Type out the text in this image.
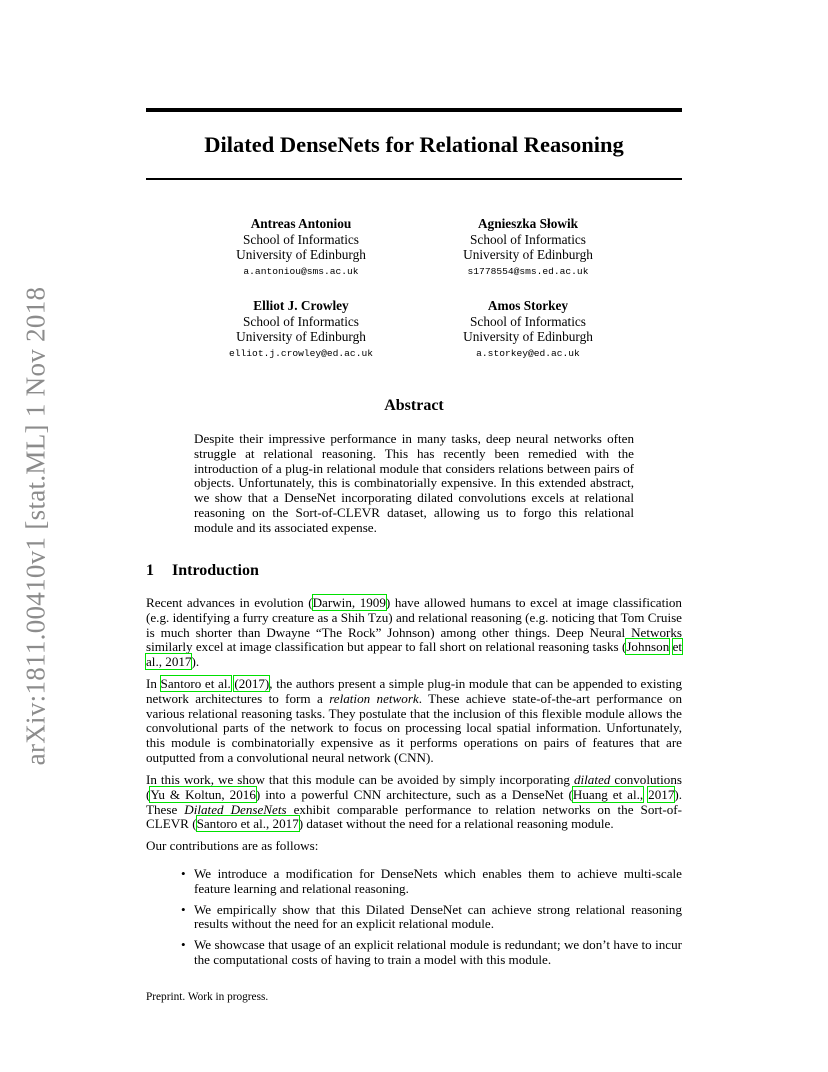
arXiv:1811.00410v1 [stat.ML] 1 Nov 2018
Dilated DenseNets for Relational Reasoning
Antreas Antoniou
School of Informatics
University of Edinburgh
a.antoniou@sms.ac.uk
Agnieszka Słowik
School of Informatics
University of Edinburgh
s1778554@sms.ed.ac.uk
Elliot J. Crowley
School of Informatics
University of Edinburgh
elliot.j.crowley@ed.ac.uk
Amos Storkey
School of Informatics
University of Edinburgh
a.storkey@ed.ac.uk
Abstract
Despite their impressive performance in many tasks, deep neural networks often struggle at relational reasoning. This has recently been remedied with the introduction of a plug-in relational module that considers relations between pairs of objects. Unfortunately, this is combinatorially expensive. In this extended abstract, we show that a DenseNet incorporating dilated convolutions excels at relational reasoning on the Sort-of-CLEVR dataset, allowing us to forgo this relational module and its associated expense.
1 Introduction
Recent advances in evolution (Darwin, 1909) have allowed humans to excel at image classification (e.g. identifying a furry creature as a Shih Tzu) and relational reasoning (e.g. noticing that Tom Cruise is much shorter than Dwayne “The Rock” Johnson) among other things. Deep Neural Networks similarly excel at image classification but appear to fall short on relational reasoning tasks (Johnson et al., 2017).
In Santoro et al. (2017), the authors present a simple plug-in module that can be appended to existing network architectures to form a relation network. These achieve state-of-the-art performance on various relational reasoning tasks. They postulate that the inclusion of this flexible module allows the convolutional parts of the network to focus on processing local spatial information. Unfortunately, this module is combinatorially expensive as it performs operations on pairs of features that are outputted from a convolutional neural network (CNN).
In this work, we show that this module can be avoided by simply incorporating dilated convolutions (Yu & Koltun, 2016) into a powerful CNN architecture, such as a DenseNet (Huang et al., 2017). These Dilated DenseNets exhibit comparable performance to relation networks on the Sort-of-CLEVR (Santoro et al., 2017) dataset without the need for a relational reasoning module.
Our contributions are as follows:
• We introduce a modification for DenseNets which enables them to achieve multi-scale feature learning and relational reasoning.
• We empirically show that this Dilated DenseNet can achieve strong relational reasoning results without the need for an explicit relational module.
• We showcase that usage of an explicit relational module is redundant; we don’t have to incur the computational costs of having to train a model with this module.
Preprint. Work in progress.
